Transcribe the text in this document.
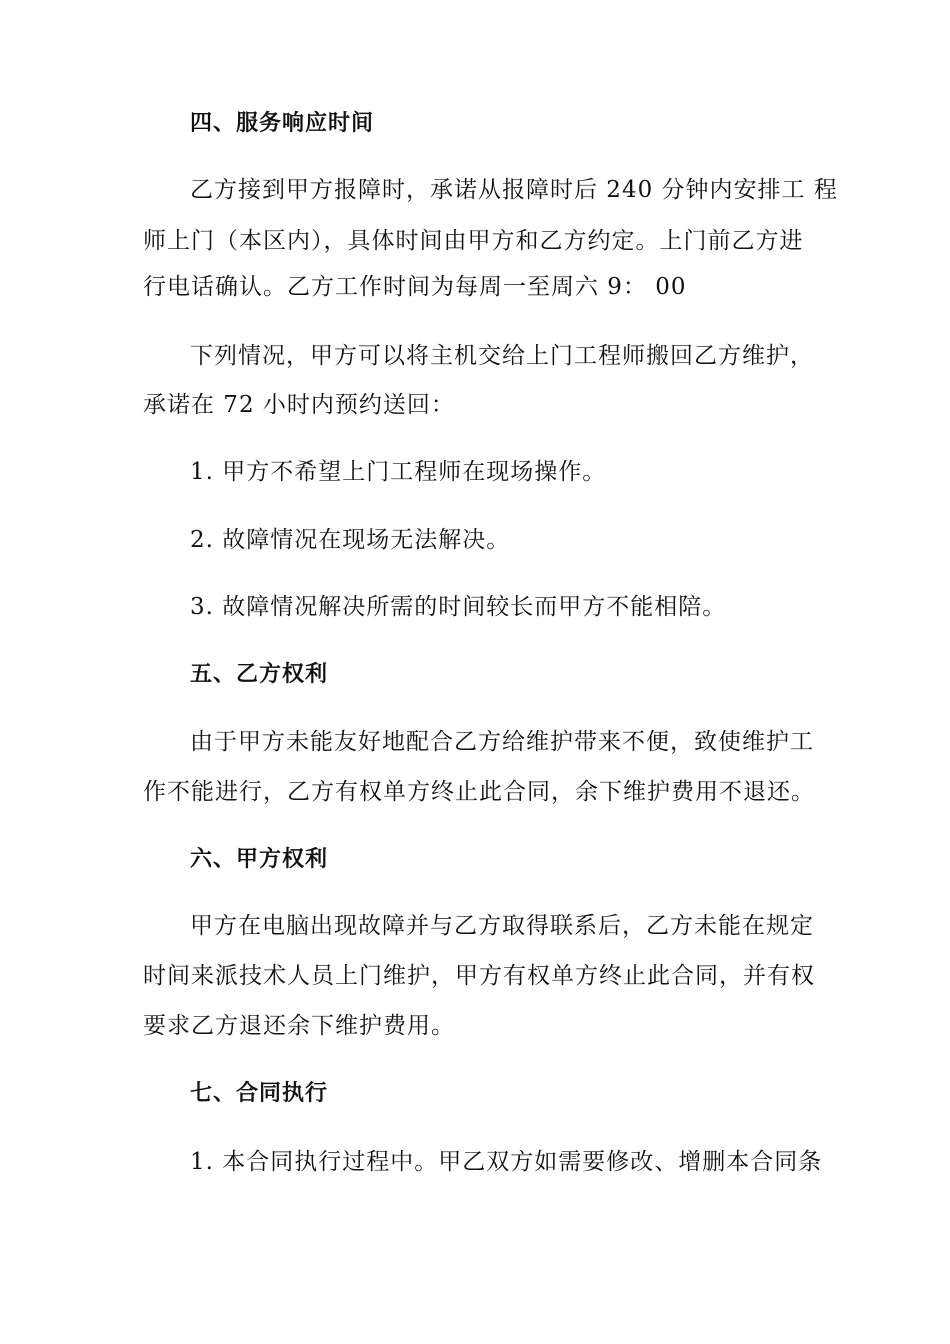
四、服务响应时间
乙方接到甲方报障时，承诺从报障时后 240 分钟内安排工 程
师上门（本区内），具体时间由甲方和乙方约定。上门前乙方进
行电话确认。乙方工作时间为每周一至周六 9： 00
下列情况，甲方可以将主机交给上门工程师搬回乙方维护，
承诺在 72 小时内预约送回：
1. 甲方不希望上门工程师在现场操作。
2. 故障情况在现场无法解决。
3. 故障情况解决所需的时间较长而甲方不能相陪。
五、乙方权利
由于甲方未能友好地配合乙方给维护带来不便，致使维护工
作不能进行，乙方有权单方终止此合同，余下维护费用不退还。
六、甲方权利
甲方在电脑出现故障并与乙方取得联系后，乙方未能在规定
时间来派技术人员上门维护，甲方有权单方终止此合同，并有权
要求乙方退还余下维护费用。
七、合同执行
1. 本合同执行过程中。甲乙双方如需要修改、增删本合同条
